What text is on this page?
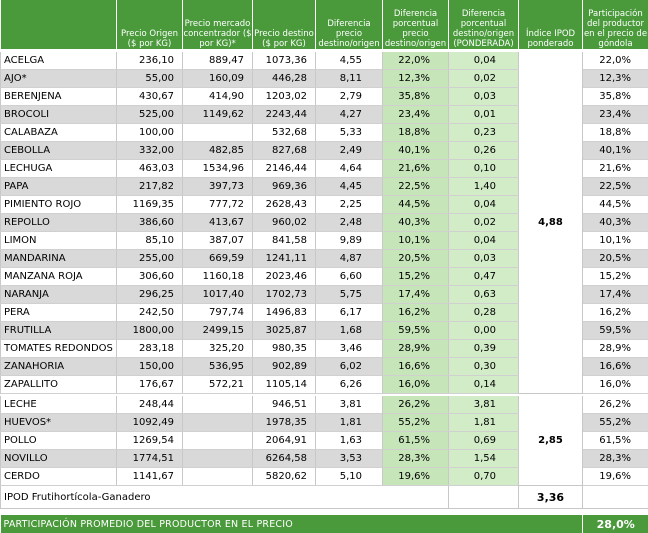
	Precio Origen ($ por KG)	Precio mercado concentrador ($ por KG)*	Precio destino ($ por KG)	Diferencia precio destino/origen	Diferencia porcentual precio destino/origen	Diferencia porcentual destino/origen (PONDERADA)	Índice IPOD ponderado	Participación del productor en el precio de góndola

ACELGA	236,10	889,47	1073,36	4,55	22,0%	0,04	4,88	22,0%
AJO*	55,00	160,09	446,28	8,11	12,3%	0,02		12,3%
BERENJENA	430,67	414,90	1203,02	2,79	35,8%	0,03		35,8%
BROCOLI	525,00	1149,62	2243,44	4,27	23,4%	0,01		23,4%
CALABAZA	100,00		532,68	5,33	18,8%	0,23		18,8%
CEBOLLA	332,00	482,85	827,68	2,49	40,1%	0,26		40,1%
LECHUGA	463,03	1534,96	2146,44	4,64	21,6%	0,10		21,6%
PAPA	217,82	397,73	969,36	4,45	22,5%	1,40		22,5%
PIMIENTO ROJO	1169,35	777,72	2628,43	2,25	44,5%	0,04		44,5%
REPOLLO	386,60	413,67	960,02	2,48	40,3%	0,02		40,3%
LIMON	85,10	387,07	841,58	9,89	10,1%	0,04		10,1%
MANDARINA	255,00	669,59	1241,11	4,87	20,5%	0,03		20,5%
MANZANA ROJA	306,60	1160,18	2023,46	6,60	15,2%	0,47		15,2%
NARANJA	296,25	1017,40	1702,73	5,75	17,4%	0,63		17,4%
PERA	242,50	797,74	1496,83	6,17	16,2%	0,28		16,2%
FRUTILLA	1800,00	2499,15	3025,87	1,68	59,5%	0,00		59,5%
TOMATES REDONDOS	283,18	325,20	980,35	3,46	28,9%	0,39		28,9%
ZANAHORIA	150,00	536,95	902,89	6,02	16,6%	0,30		16,6%
ZAPALLITO	176,67	572,21	1105,14	6,26	16,0%	0,14		16,0%

LECHE	248,44		946,51	3,81	26,2%	3,81	2,85	26,2%
HUEVOS*	1092,49		1978,35	1,81	55,2%	1,81		55,2%
POLLO	1269,54		2064,91	1,63	61,5%	0,69		61,5%
NOVILLO	1774,51		6264,58	3,53	28,3%	1,54		28,3%
CERDO	1141,67		5820,62	5,10	19,6%	0,70		19,6%
IPOD Frutihortícola-Ganadero							3,36	

PARTICIPACIÓN PROMEDIO DEL PRODUCTOR EN EL PRECIO								28,0%
